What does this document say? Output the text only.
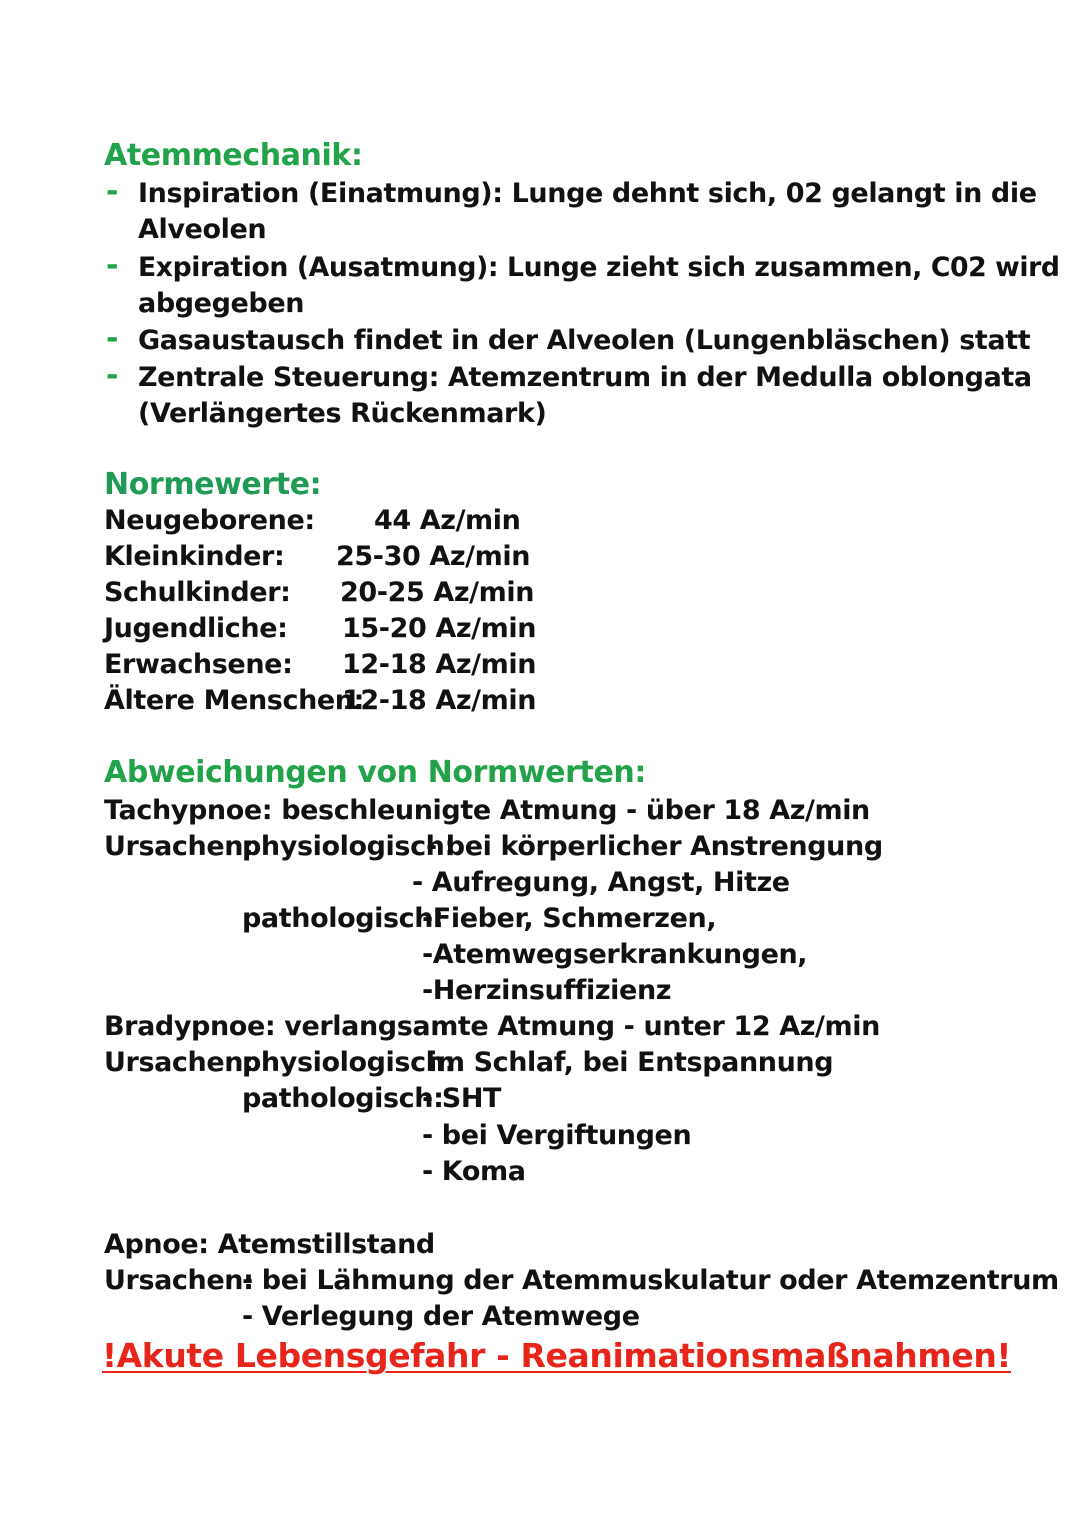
Atemmechanik:
- Inspiration (Einatmung): Lunge dehnt sich, 02 gelangt in die
Alveolen
- Expiration (Ausatmung): Lunge zieht sich zusammen, C02 wird
abgegeben
- Gasaustausch findet in der Alveolen (Lungenbläschen) statt
- Zentrale Steuerung: Atemzentrum in der Medulla oblongata
(Verlängertes Rückenmark)
Normewerte:
Neugeborene: 44 Az/min
Kleinkinder: 25-30 Az/min
Schulkinder: 20-25 Az/min
Jugendliche: 15-20 Az/min
Erwachsene: 12-18 Az/min
Ältere Menschen:
12-18 Az/min
Abweichungen von Normwerten:
Tachypnoe: beschleunigte Atmung - über 18 Az/min
Ursachen:
physiologisch:
- bei körperlicher Anstrengung
- Aufregung, Angst, Hitze
pathologisch:
-Fieber, Schmerzen,
-Atemwegserkrankungen,
-Herzinsuffizienz
Bradypnoe: verlangsamte Atmung - unter 12 Az/min
Ursachen:
physiologisch:
im Schlaf, bei Entspannung
pathologisch:
- SHT
- bei Vergiftungen
- Koma
Apnoe: Atemstillstand
Ursachen:
- bei Lähmung der Atemmuskulatur oder Atemzentrum
- Verlegung der Atemwege
!Akute Lebensgefahr - Reanimationsmaßnahmen!
